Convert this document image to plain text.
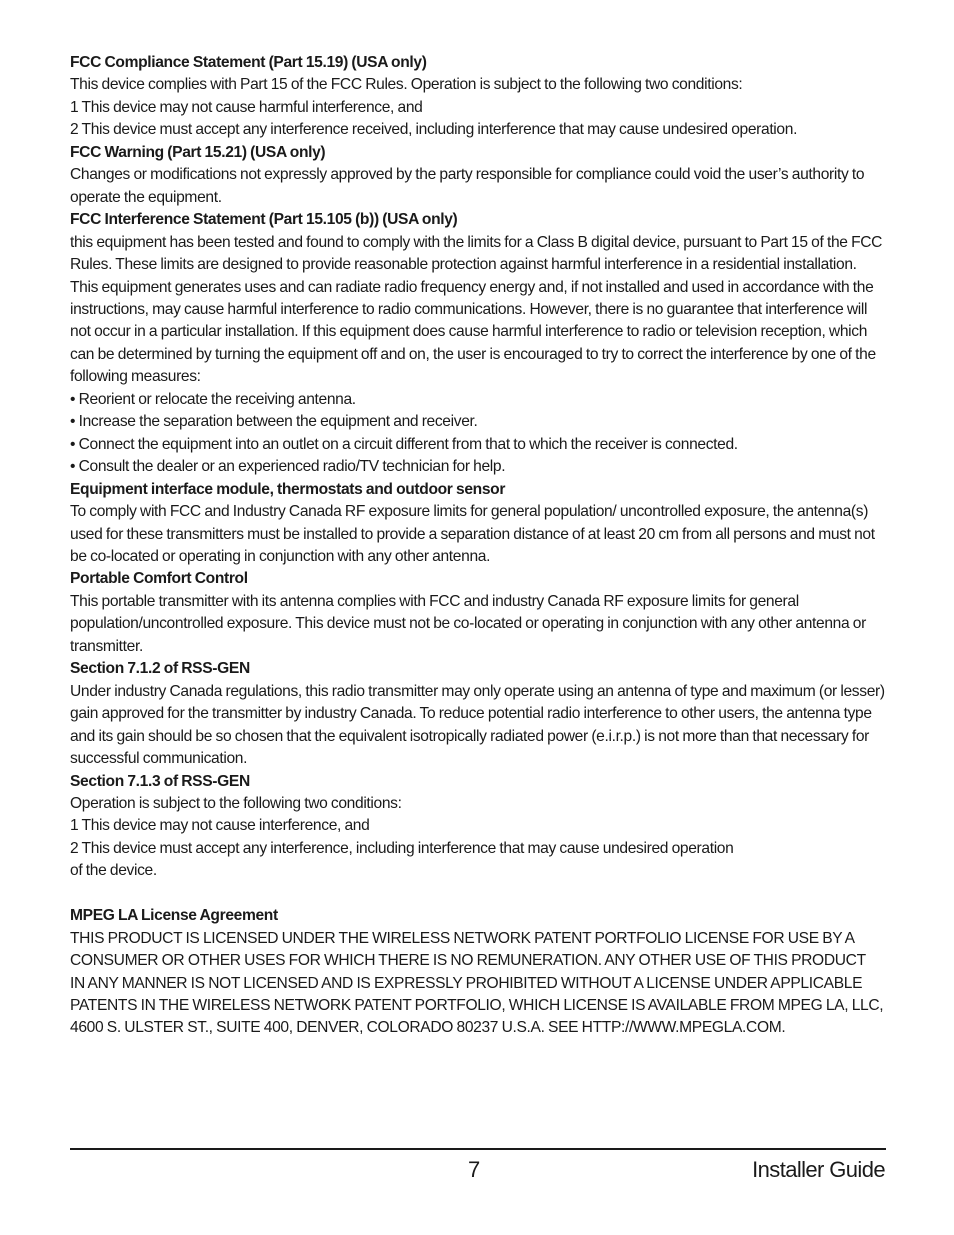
FCC Compliance Statement (Part 15.19) (USA only)

This device complies with Part 15 of the FCC Rules. Operation is subject to the following two conditions:

1 This device may not cause harmful interference, and

2 This device must accept any interference received, including interference that may cause undesired operation.

FCC Warning (Part 15.21) (USA only)

Changes or modifications not expressly approved by the party responsible for compliance could void the user’s authority to operate the equipment.

FCC Interference Statement (Part 15.105 (b)) (USA only)

this equipment has been tested and found to comply with the limits for a Class B digital device, pursuant to Part 15 of the FCC Rules. These limits are designed to provide reasonable protection against harmful interference in a residential installation. This equipment generates uses and can radiate radio frequency energy and, if not installed and used in accordance with the instructions, may cause harmful interference to radio communications. However, there is no guarantee that interference will not occur in a particular installation. If this equipment does cause harmful interference to radio or television reception, which can be determined by turning the equipment off and on, the user is encouraged to try to correct the interference by one of the following measures:

• Reorient or relocate the receiving antenna.

• Increase the separation between the equipment and receiver.

• Connect the equipment into an outlet on a circuit different from that to which the receiver is connected.

• Consult the dealer or an experienced radio/TV technician for help.

Equipment interface module, thermostats and outdoor sensor

To comply with FCC and Industry Canada RF exposure limits for general population/ uncontrolled exposure, the antenna(s) used for these transmitters must be installed to provide a separation distance of at least 20 cm from all persons and must not be co-located or operating in conjunction with any other antenna.

Portable Comfort Control

This portable transmitter with its antenna complies with FCC and industry Canada RF exposure limits for general population/uncontrolled exposure. This device must not be co-located or operating in conjunction with any other antenna or transmitter.

Section 7.1.2 of RSS-GEN

Under industry Canada regulations, this radio transmitter may only operate using an antenna of type and maximum (or lesser) gain approved for the transmitter by industry Canada. To reduce potential radio interference to other users, the antenna type and its gain should be so chosen that the equivalent isotropically radiated power (e.i.r.p.) is not more than that necessary for successful communication.

Section 7.1.3 of RSS-GEN

Operation is subject to the following two conditions:

1 This device may not cause interference, and

2 This device must accept any interference, including interference that may cause undesired operation

of the device.

MPEG LA License Agreement

THIS PRODUCT IS LICENSED UNDER THE WIRELESS NETWORK PATENT PORTFOLIO LICENSE FOR USE BY A

CONSUMER OR OTHER USES FOR WHICH THERE IS NO REMUNERATION. ANY OTHER USE OF THIS PRODUCT

IN ANY MANNER IS NOT LICENSED AND IS EXPRESSLY PROHIBITED WITHOUT A LICENSE UNDER APPLICABLE

PATENTS IN THE WIRELESS NETWORK PATENT PORTFOLIO, WHICH LICENSE IS AVAILABLE FROM MPEG LA, LLC,

4600 S. ULSTER ST., SUITE 400, DENVER, COLORADO 80237 U.S.A. SEE HTTP://WWW.MPEGLA.COM.

7	Installer Guide
